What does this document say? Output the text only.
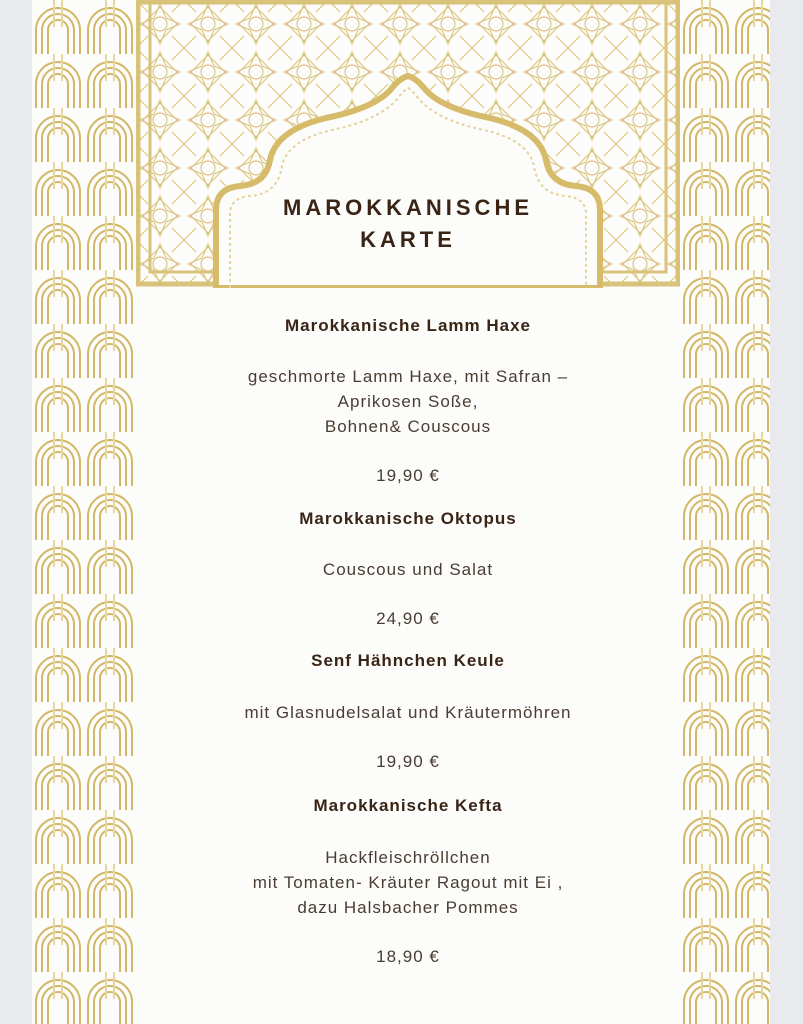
MAROKKANISCHE
KARTE
Marokkanische Lamm Haxe
geschmorte Lamm Haxe, mit Safran –
Aprikosen Soße,
Bohnen& Couscous
19,90 €
Marokkanische Oktopus
Couscous und Salat
24,90 €
Senf Hähnchen Keule
mit Glasnudelsalat und Kräutermöhren
19,90 €
Marokkanische Kefta
Hackfleischröllchen
mit Tomaten- Kräuter Ragout mit Ei ,
dazu Halsbacher Pommes
18,90 €
